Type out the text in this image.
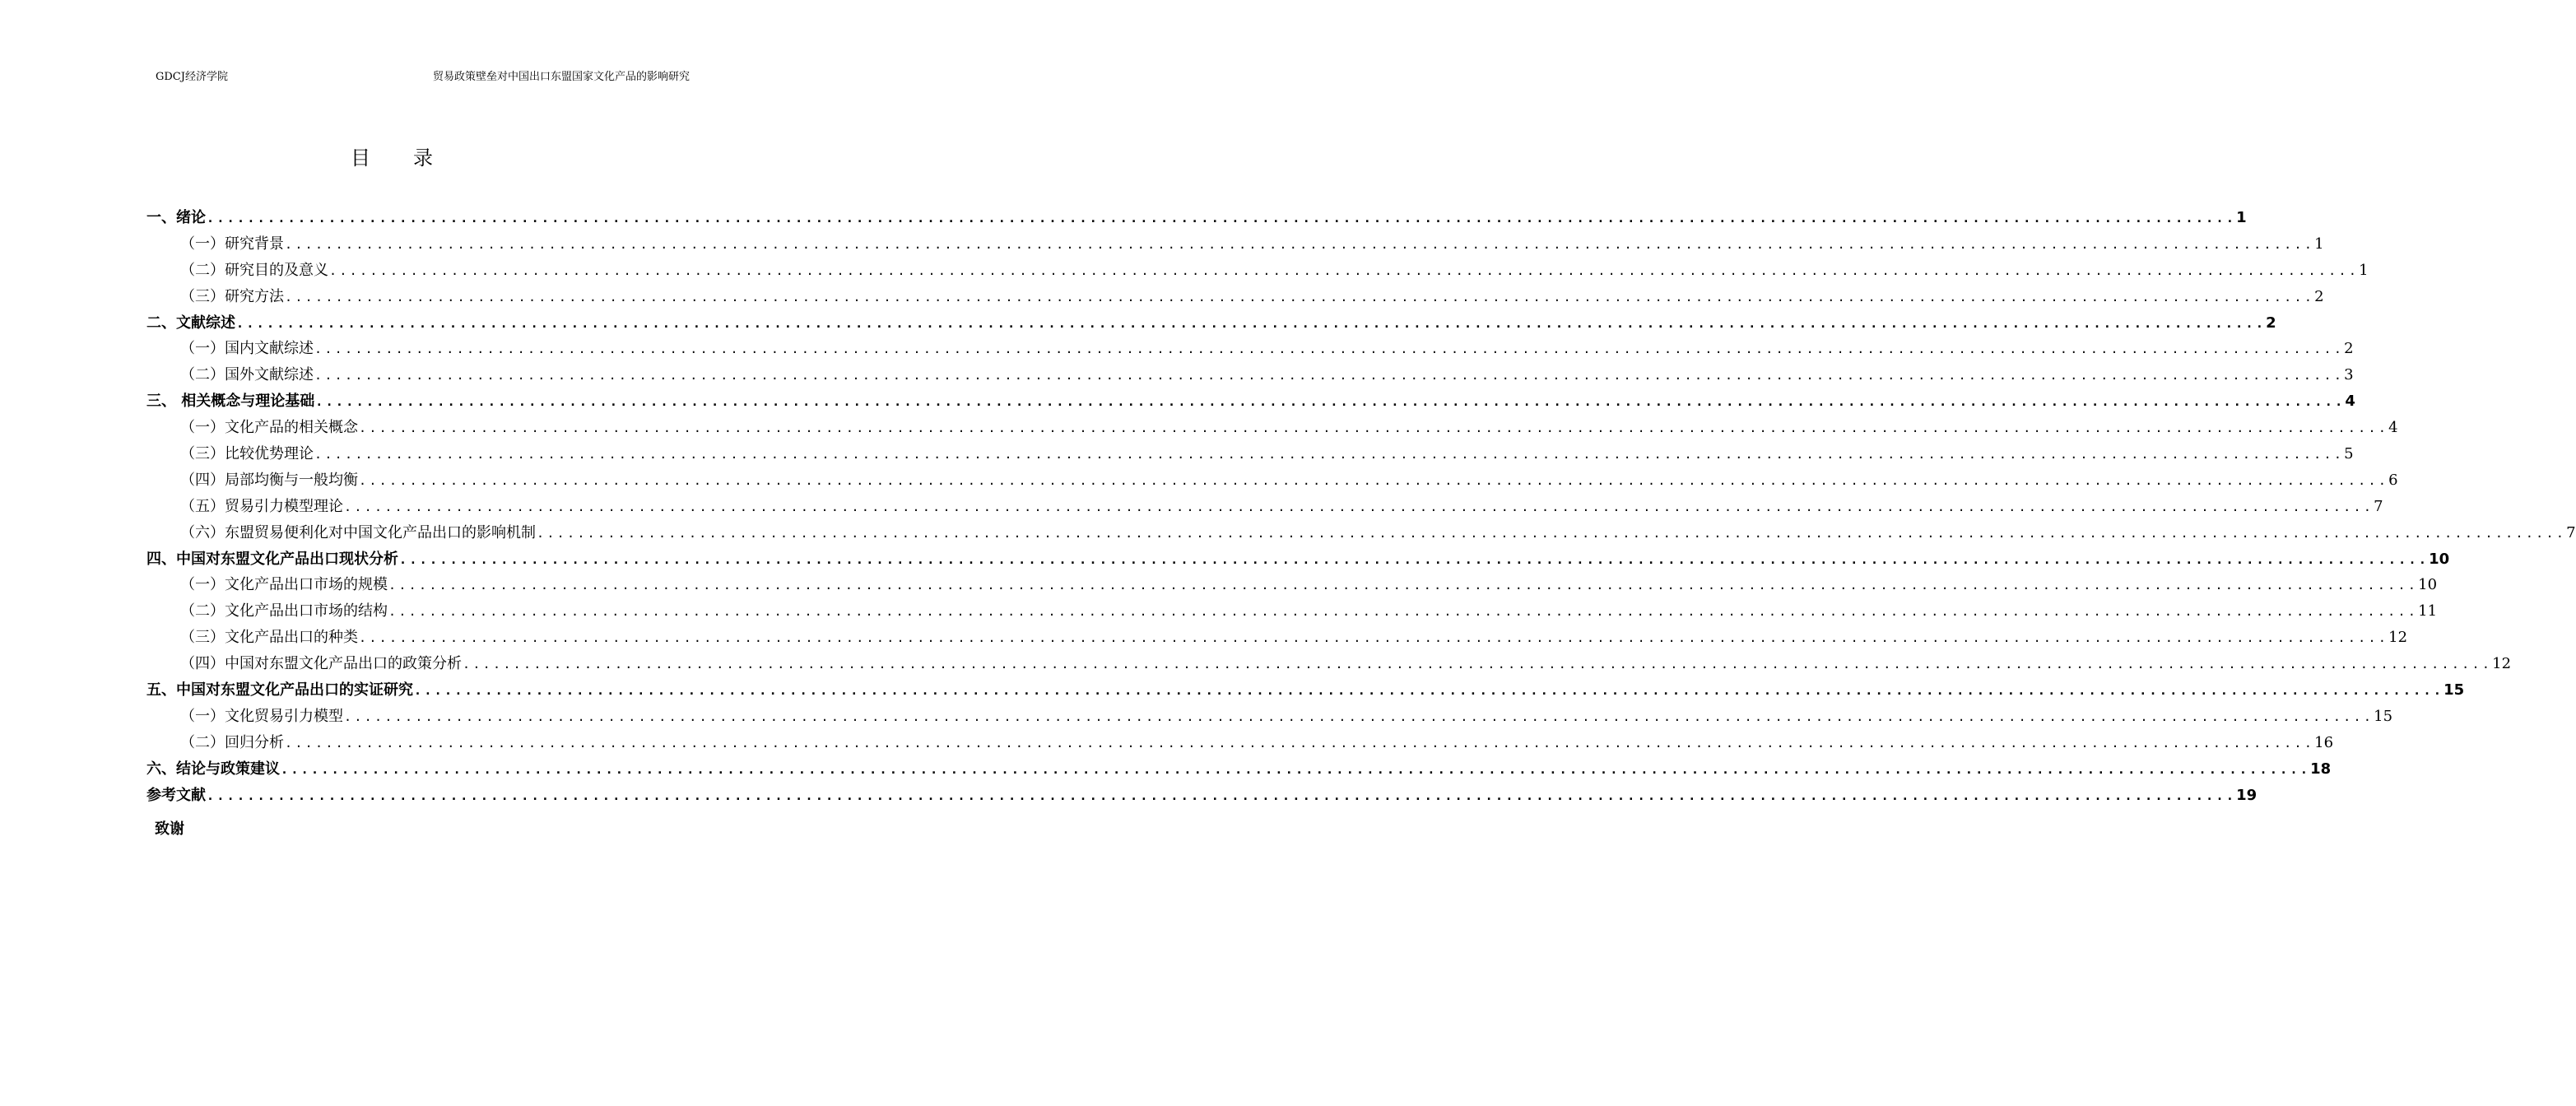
GDCJ经济学院	贸易政策壁垒对中国出口东盟国家文化产品的影响研究
目录
一、绪论 ........................................................................................................................................................................................................ 1
（一）研究背景 ........................................................................................................................................................................................................ 1
（二）研究目的及意义 ........................................................................................................................................................................................................ 1
（三）研究方法 ........................................................................................................................................................................................................ 2
二、文献综述 ........................................................................................................................................................................................................ 2
（一）国内文献综述 ........................................................................................................................................................................................................ 2
（二）国外文献综述 ........................................................................................................................................................................................................ 3
三、 相关概念与理论基础 ........................................................................................................................................................................................................ 4
（一）文化产品的相关概念 ........................................................................................................................................................................................................ 4
（三）比较优势理论 ........................................................................................................................................................................................................ 5
（四）局部均衡与一般均衡 ........................................................................................................................................................................................................ 6
（五）贸易引力模型理论 ........................................................................................................................................................................................................ 7
（六）东盟贸易便利化对中国文化产品出口的影响机制 ........................................................................................................................................................................................................ 7
四、中国对东盟文化产品出口现状分析 ........................................................................................................................................................................................................ 10
（一）文化产品出口市场的规模 ........................................................................................................................................................................................................ 10
（二）文化产品出口市场的结构 ........................................................................................................................................................................................................ 11
（三）文化产品出口的种类 ........................................................................................................................................................................................................ 12
（四）中国对东盟文化产品出口的政策分析 ........................................................................................................................................................................................................ 12
五、中国对东盟文化产品出口的实证研究 ........................................................................................................................................................................................................ 15
（一）文化贸易引力模型 ........................................................................................................................................................................................................ 15
（二）回归分析 ........................................................................................................................................................................................................ 16
六、结论与政策建议 ........................................................................................................................................................................................................ 18
参考文献 ........................................................................................................................................................................................................ 19
致谢
